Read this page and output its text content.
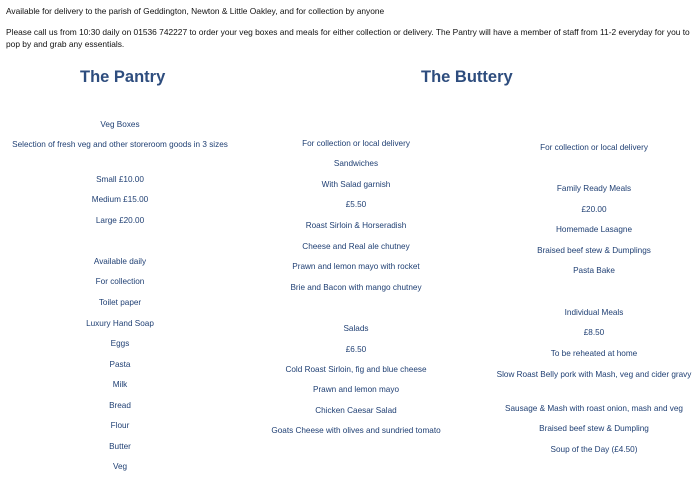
Available for delivery to the parish of Geddington, Newton & Little Oakley, and for collection by anyone

Please call us from 10:30 daily on 01536 742227 to order your veg boxes and meals for either collection or delivery. The Pantry will have a member of staff from 11-2 everyday for you to pop by and grab any essentials.

The Pantry	The Buttery
Veg Boxes
Selection of fresh veg and other storeroom goods in 3 sizes
Small £10.00
Medium £15.00
Large £20.00
Available daily
For collection
Toilet paper
Luxury Hand Soap
Eggs
Pasta
Milk
Bread
Flour
Butter
Veg
For collection or local delivery
Sandwiches
With Salad garnish
£5.50
Roast Sirloin & Horseradish
Cheese and Real ale chutney
Prawn and lemon mayo with rocket
Brie and Bacon with mango chutney
Salads
£6.50
Cold Roast Sirloin, fig and blue cheese
Prawn and lemon mayo
Chicken Caesar Salad
Goats Cheese with olives and sundried tomato
For collection or local delivery
Family Ready Meals
£20.00
Homemade Lasagne
Braised beef stew & Dumplings
Pasta Bake
Individual Meals
£8.50
To be reheated at home
Slow Roast Belly pork with Mash, veg and cider gravy
Sausage & Mash with roast onion, mash and veg
Braised beef stew & Dumpling
Soup of the Day (£4.50)
